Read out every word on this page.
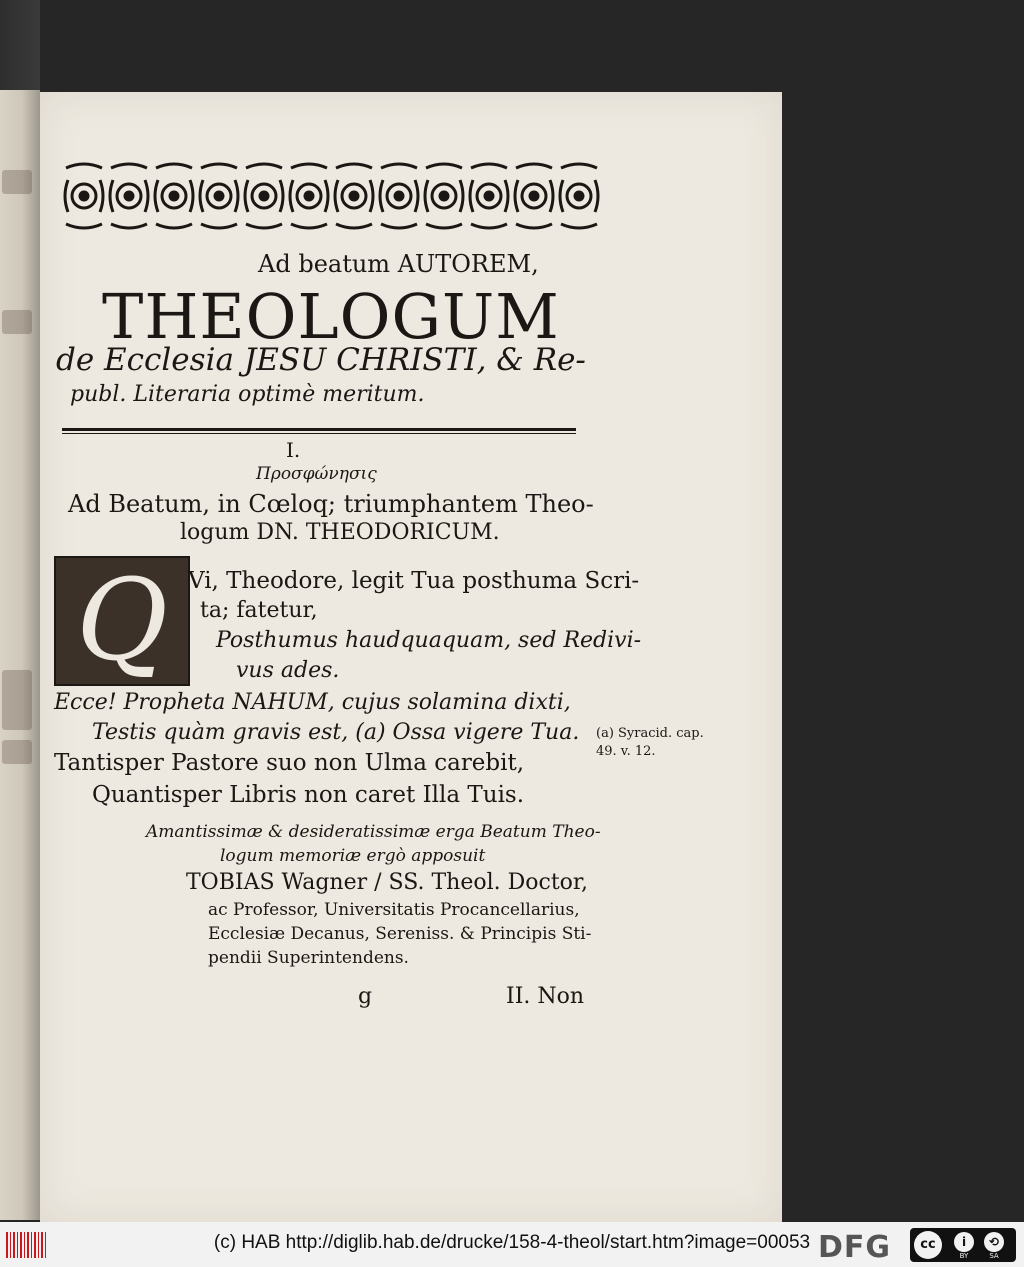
Ad beatum AUTOREM,
THEOLOGUM
de Ecclesia JESU CHRISTI, & Re-
publ. Literaria optimè meritum.
I.
Προσφώνησις
Ad Beatum, in Cœloq; triumphantem Theo-
logum DN. THEODORICUM.
Q Vi, Theodore, legit Tua posthuma Scri-
ta; fatetur,
Posthumus haudquaquam, sed Redivi-
vus ades.
Ecce! Propheta NAHUM, cujus solamina dixti,
Testis quàm gravis est, (a) Ossa vigere Tua.
Tantisper Pastore suo non Ulma carebit,
Quantisper Libris non caret Illa Tuis.
(a) Syracid. cap.
49. v. 12.
Amantissimæ & desideratissimæ erga Beatum Theo-
logum memoriæ ergò apposuit
TOBIAS Wagner / SS. Theol. Doctor,
ac Professor, Universitatis Procancellarius,
Ecclesiæ Decanus, Sereniss. & Principis Sti-
pendii Superintendens.
g	II. Non
(c) HAB http://diglib.hab.de/drucke/158-4-theol/start.htm?image=00053 DFG	cc	i	⟲
BY	SA
